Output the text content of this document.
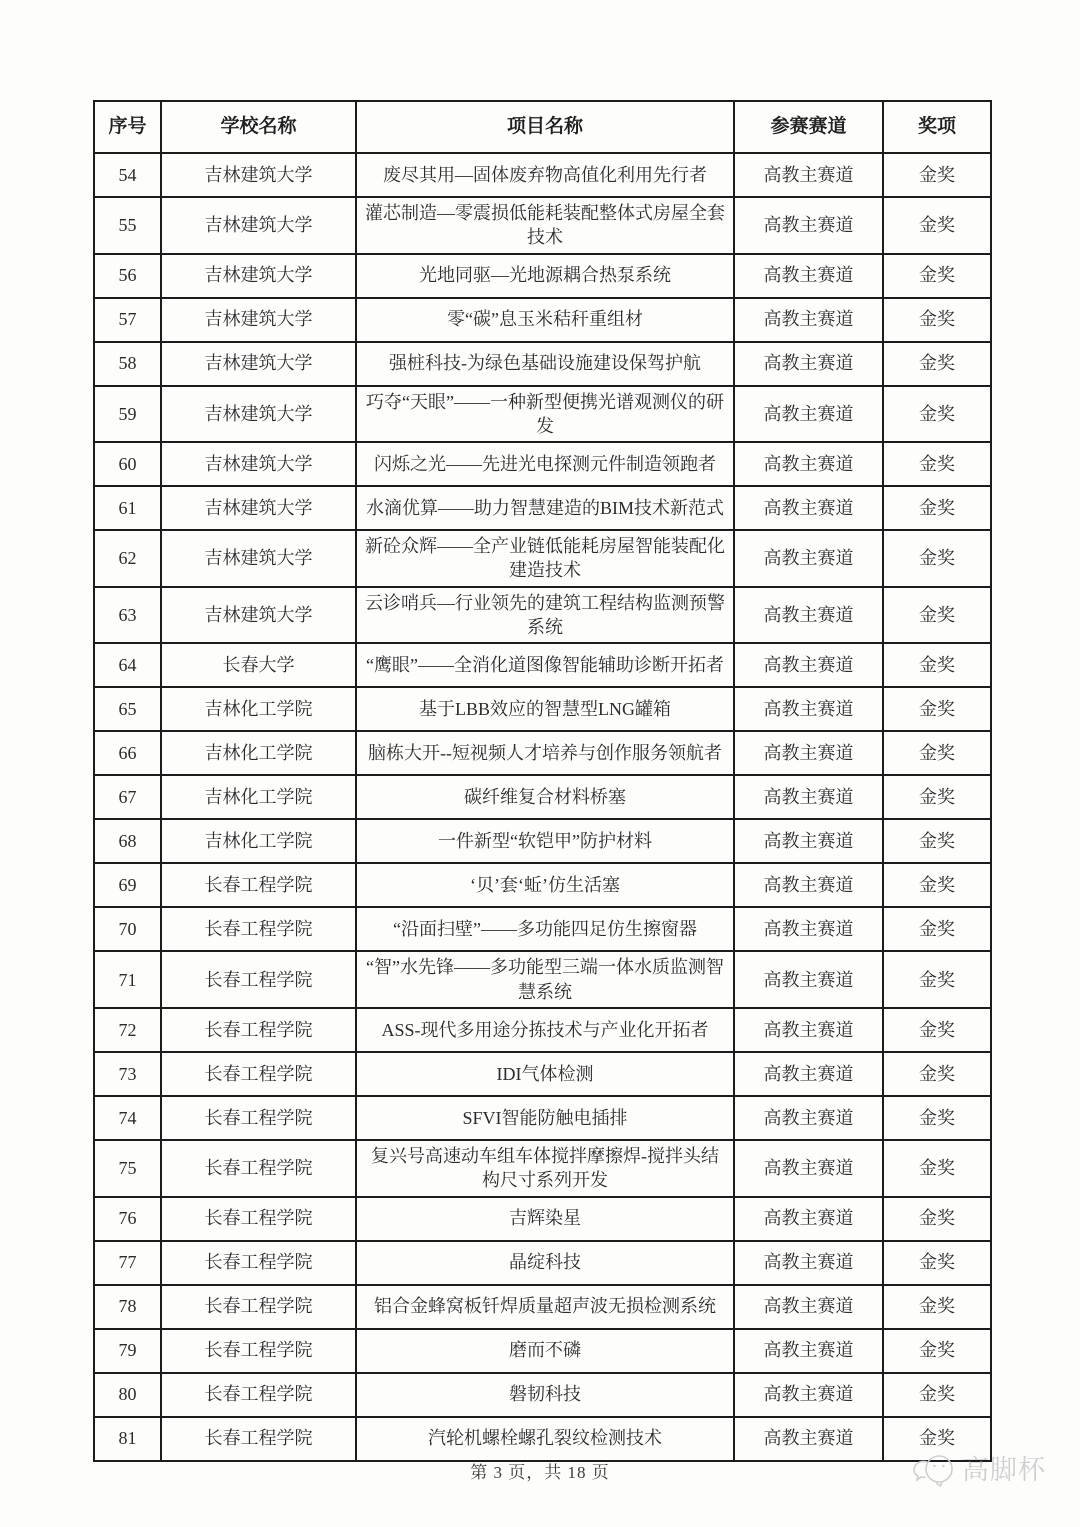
序号	学校名称	项目名称	参赛赛道	奖项
54	吉林建筑大学	废尽其用—固体废弃物高值化利用先行者	高教主赛道	金奖
55	吉林建筑大学	灌芯制造—零震损低能耗装配整体式房屋全套技术	高教主赛道	金奖
56	吉林建筑大学	光地同驱—光地源耦合热泵系统	高教主赛道	金奖
57	吉林建筑大学	零“碳”息玉米秸秆重组材	高教主赛道	金奖
58	吉林建筑大学	强桩科技-为绿色基础设施建设保驾护航	高教主赛道	金奖
59	吉林建筑大学	巧夺“天眼”——一种新型便携光谱观测仪的研发	高教主赛道	金奖
60	吉林建筑大学	闪烁之光——先进光电探测元件制造领跑者	高教主赛道	金奖
61	吉林建筑大学	水滴优算——助力智慧建造的BIM技术新范式	高教主赛道	金奖
62	吉林建筑大学	新砼众辉——全产业链低能耗房屋智能装配化建造技术	高教主赛道	金奖
63	吉林建筑大学	云诊哨兵—行业领先的建筑工程结构监测预警系统	高教主赛道	金奖
64	长春大学	“鹰眼”——全消化道图像智能辅助诊断开拓者	高教主赛道	金奖
65	吉林化工学院	基于LBB效应的智慧型LNG罐箱	高教主赛道	金奖
66	吉林化工学院	脑栋大开--短视频人才培养与创作服务领航者	高教主赛道	金奖
67	吉林化工学院	碳纤维复合材料桥塞	高教主赛道	金奖
68	吉林化工学院	一件新型“软铠甲”防护材料	高教主赛道	金奖
69	长春工程学院	‘贝’套‘蚯’仿生活塞	高教主赛道	金奖
70	长春工程学院	“沿面扫壁”——多功能四足仿生擦窗器	高教主赛道	金奖
71	长春工程学院	“智”水先锋——多功能型三端一体水质监测智慧系统	高教主赛道	金奖
72	长春工程学院	ASS-现代多用途分拣技术与产业化开拓者	高教主赛道	金奖
73	长春工程学院	IDI气体检测	高教主赛道	金奖
74	长春工程学院	SFVI智能防触电插排	高教主赛道	金奖
75	长春工程学院	复兴号高速动车组车体搅拌摩擦焊-搅拌头结构尺寸系列开发	高教主赛道	金奖
76	长春工程学院	吉辉染星	高教主赛道	金奖
77	长春工程学院	晶绽科技	高教主赛道	金奖
78	长春工程学院	铝合金蜂窝板钎焊质量超声波无损检测系统	高教主赛道	金奖
79	长春工程学院	磨而不磷	高教主赛道	金奖
80	长春工程学院	磐韧科技	高教主赛道	金奖
81	长春工程学院	汽轮机螺栓螺孔裂纹检测技术	高教主赛道	金奖
第 3 页，共 18 页	高脚杯
